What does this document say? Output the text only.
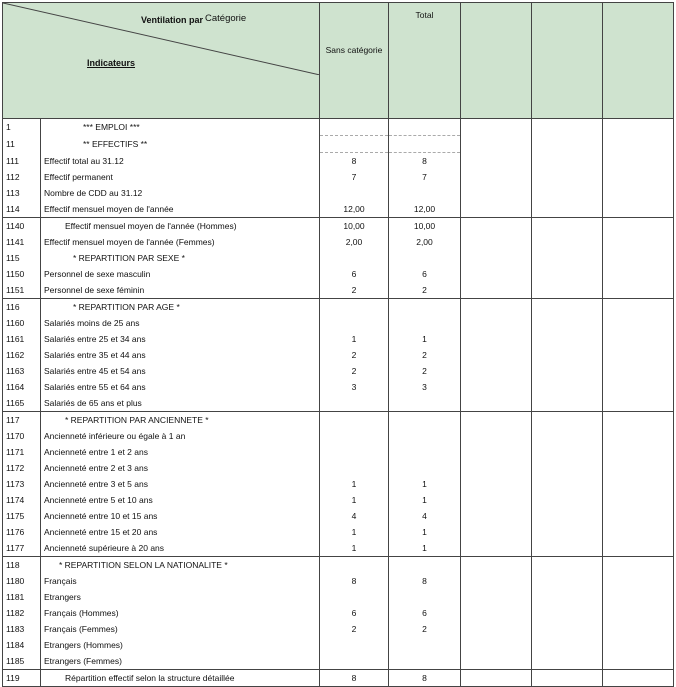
Ventilation par Catégorie
Indicateurs		Sans catégorie	Total			
1	*** EMPLOI ***					
11	** EFFECTIFS **					
111	Effectif total au 31.12	8	8			
112	Effectif permanent	7	7			
113	Nombre de CDD au 31.12					
114	Effectif mensuel moyen de l'année	12,00	12,00			
1140	Effectif mensuel moyen de l'année (Hommes)	10,00	10,00			
1141	Effectif mensuel moyen de l'année (Femmes)	2,00	2,00			
115	* REPARTITION PAR SEXE *					
1150	Personnel de sexe masculin	6	6			
1151	Personnel de sexe féminin	2	2			
116	* REPARTITION PAR AGE *					
1160	Salariés moins de 25 ans					
1161	Salariés entre 25 et 34 ans	1	1			
1162	Salariés entre 35 et 44 ans	2	2			
1163	Salariés entre 45 et 54 ans	2	2			
1164	Salariés entre 55 et 64 ans	3	3			
1165	Salariés de 65 ans et plus					
117	* REPARTITION PAR ANCIENNETE *					
1170	Ancienneté inférieure ou égale à 1 an					
1171	Ancienneté entre 1 et 2 ans					
1172	Ancienneté entre 2 et 3 ans					
1173	Ancienneté entre 3 et 5 ans	1	1			
1174	Ancienneté entre 5 et 10 ans	1	1			
1175	Ancienneté entre 10 et 15 ans	4	4			
1176	Ancienneté entre 15 et 20 ans	1	1			
1177	Ancienneté supérieure à 20 ans	1	1			
118	* REPARTITION SELON LA NATIONALITE *					
1180	Français	8	8			
1181	Etrangers					
1182	Français (Hommes)	6	6			
1183	Français (Femmes)	2	2			
1184	Etrangers (Hommes)					
1185	Etrangers (Femmes)					
119	Répartition effectif selon la structure détaillée	8	8			
